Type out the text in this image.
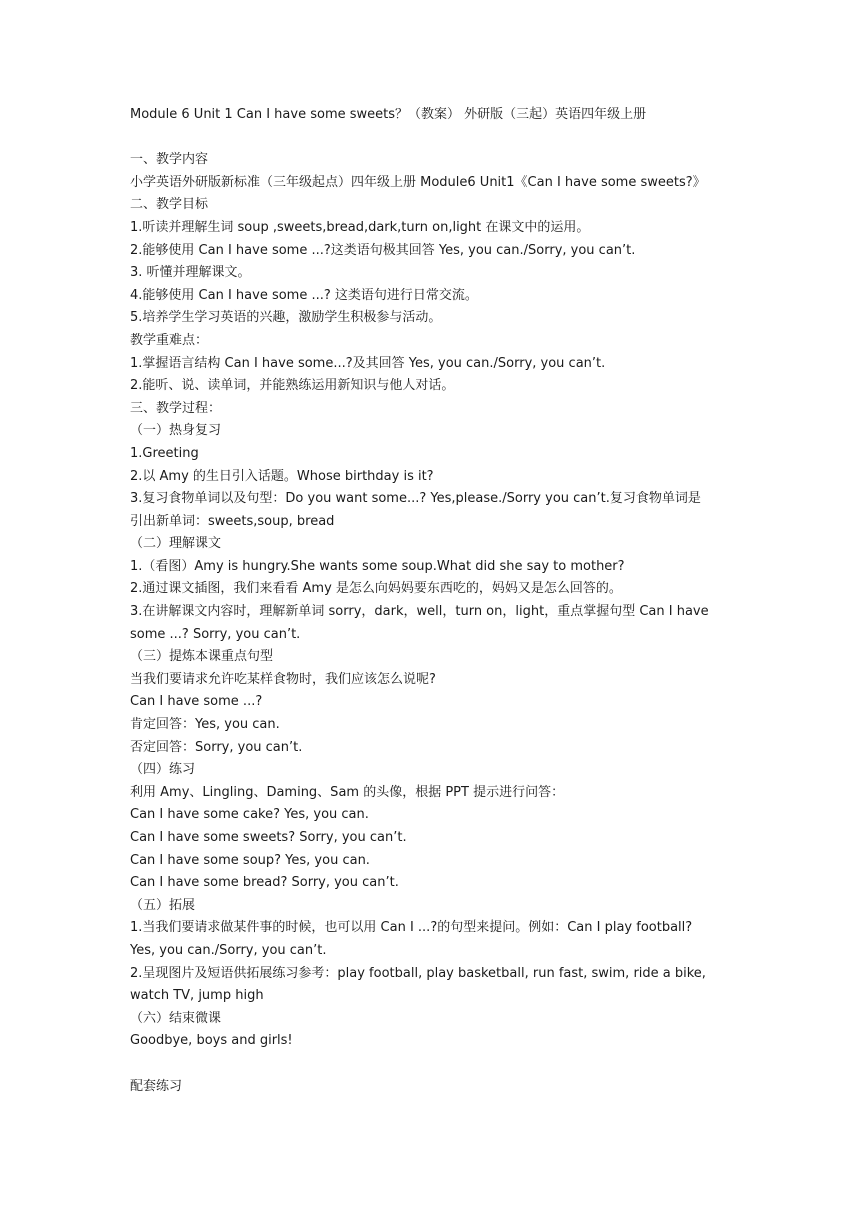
Module 6 Unit 1 Can I have some sweets？（教案） 外研版（三起）英语四年级上册
一、教学内容
小学英语外研版新标准（三年级起点）四年级上册 Module6 Unit1《Can I have some sweets?》
二、教学目标
1.听读并理解生词 soup ,sweets,bread,dark,turn on,light 在课文中的运用。
2.能够使用 Can I have some ...?这类语句极其回答 Yes, you can./Sorry, you can’t.
3. 听懂并理解课文。
4.能够使用 Can I have some ...? 这类语句进行日常交流。
5.培养学生学习英语的兴趣，激励学生积极参与活动。
教学重难点：
1.掌握语言结构 Can I have some...?及其回答 Yes, you can./Sorry, you can’t.
2.能听、说、读单词，并能熟练运用新知识与他人对话。
三、教学过程：
（一）热身复习
1.Greeting
2.以 Amy 的生日引入话题。Whose birthday is it?
3.复习食物单词以及句型：Do you want some...? Yes,please./Sorry you can’t.复习食物单词是
引出新单词：sweets,soup, bread
（二）理解课文
1.（看图）Amy is hungry.She wants some soup.What did she say to mother?
2.通过课文插图，我们来看看 Amy 是怎么向妈妈要东西吃的，妈妈又是怎么回答的。
3.在讲解课文内容时，理解新单词 sorry，dark，well，turn on，light，重点掌握句型 Can I have
some ...? Sorry, you can’t.
（三）提炼本课重点句型
当我们要请求允许吃某样食物时，我们应该怎么说呢?
Can I have some ...?
肯定回答：Yes, you can.
否定回答：Sorry, you can’t.
（四）练习
利用 Amy、Lingling、Daming、Sam 的头像，根据 PPT 提示进行问答：
Can I have some cake? Yes, you can.
Can I have some sweets? Sorry, you can’t.
Can I have some soup? Yes, you can.
Can I have some bread? Sorry, you can’t.
（五）拓展
1.当我们要请求做某件事的时候，也可以用 Can I ...?的句型来提问。例如：Can I play football?
Yes, you can./Sorry, you can’t.
2.呈现图片及短语供拓展练习参考：play football, play basketball, run fast, swim, ride a bike,
watch TV, jump high
（六）结束微课
Goodbye, boys and girls!
配套练习
